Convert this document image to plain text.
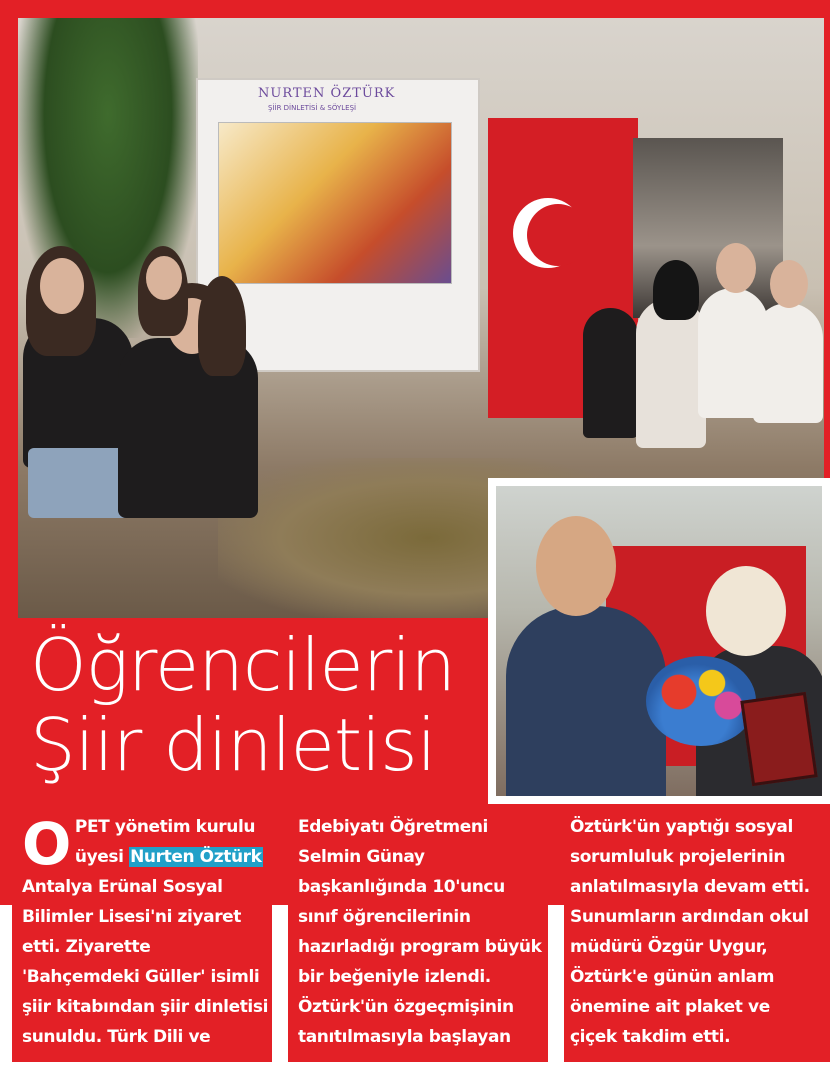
NURTEN ÖZTÜRK
ŞİİR DİNLETİSİ & SÖYLEŞİ
Öğrencilerin
Şiir dinletisi

OPET yönetim kurulu üyesi Nurten Öztürk Antalya Erünal Sosyal Bilimler Lisesi'ni ziyaret etti. Ziyarette 'Bahçemdeki Güller' isimli şiir kitabından şiir dinletisi sunuldu. Türk Dili ve

Edebiyatı Öğretmeni Selmin Günay başkanlığında 10'uncu sınıf öğrencilerinin hazırladığı program büyük bir beğeniyle izlendi. Öztürk'ün özgeçmişinin tanıtılmasıyla başlayan

Öztürk'ün yaptığı sosyal sorumluluk projelerinin anlatılmasıyla devam etti. Sunumların ardından okul müdürü Özgür Uygur, Öztürk'e günün anlam önemine ait plaket ve çiçek takdim etti.
